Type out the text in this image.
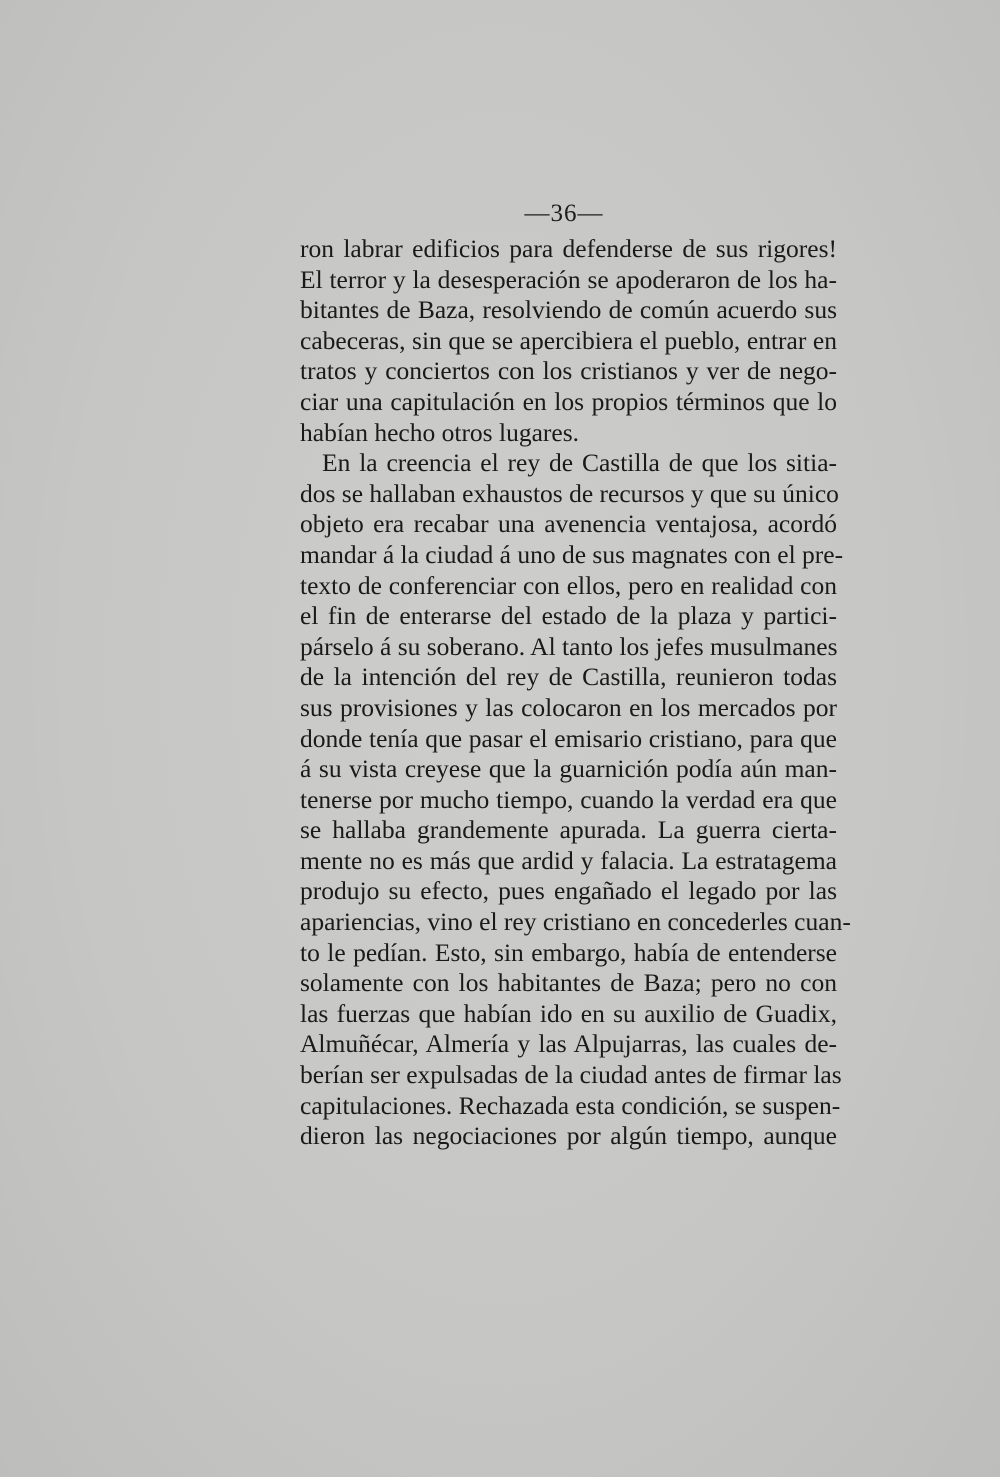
—36—
ron labrar edificios para defenderse de sus rigores!
El terror y la desesperación se apoderaron de los ha-
bitantes de Baza, resolviendo de común acuerdo sus
cabeceras, sin que se apercibiera el pueblo, entrar en
tratos y conciertos con los cristianos y ver de nego-
ciar una capitulación en los propios términos que lo
habían hecho otros lugares.
En la creencia el rey de Castilla de que los sitia-
dos se hallaban exhaustos de recursos y que su único
objeto era recabar una avenencia ventajosa, acordó
mandar á la ciudad á uno de sus magnates con el pre-
texto de conferenciar con ellos, pero en realidad con
el fin de enterarse del estado de la plaza y partici-
párselo á su soberano. Al tanto los jefes musulmanes
de la intención del rey de Castilla, reunieron todas
sus provisiones y las colocaron en los mercados por
donde tenía que pasar el emisario cristiano, para que
á su vista creyese que la guarnición podía aún man-
tenerse por mucho tiempo, cuando la verdad era que
se hallaba grandemente apurada. La guerra cierta-
mente no es más que ardid y falacia. La estratagema
produjo su efecto, pues engañado el legado por las
apariencias, vino el rey cristiano en concederles cuan-
to le pedían. Esto, sin embargo, había de entenderse
solamente con los habitantes de Baza; pero no con
las fuerzas que habían ido en su auxilio de Guadix,
Almuñécar, Almería y las Alpujarras, las cuales de-
berían ser expulsadas de la ciudad antes de firmar las
capitulaciones. Rechazada esta condición, se suspen-
dieron las negociaciones por algún tiempo, aunque
